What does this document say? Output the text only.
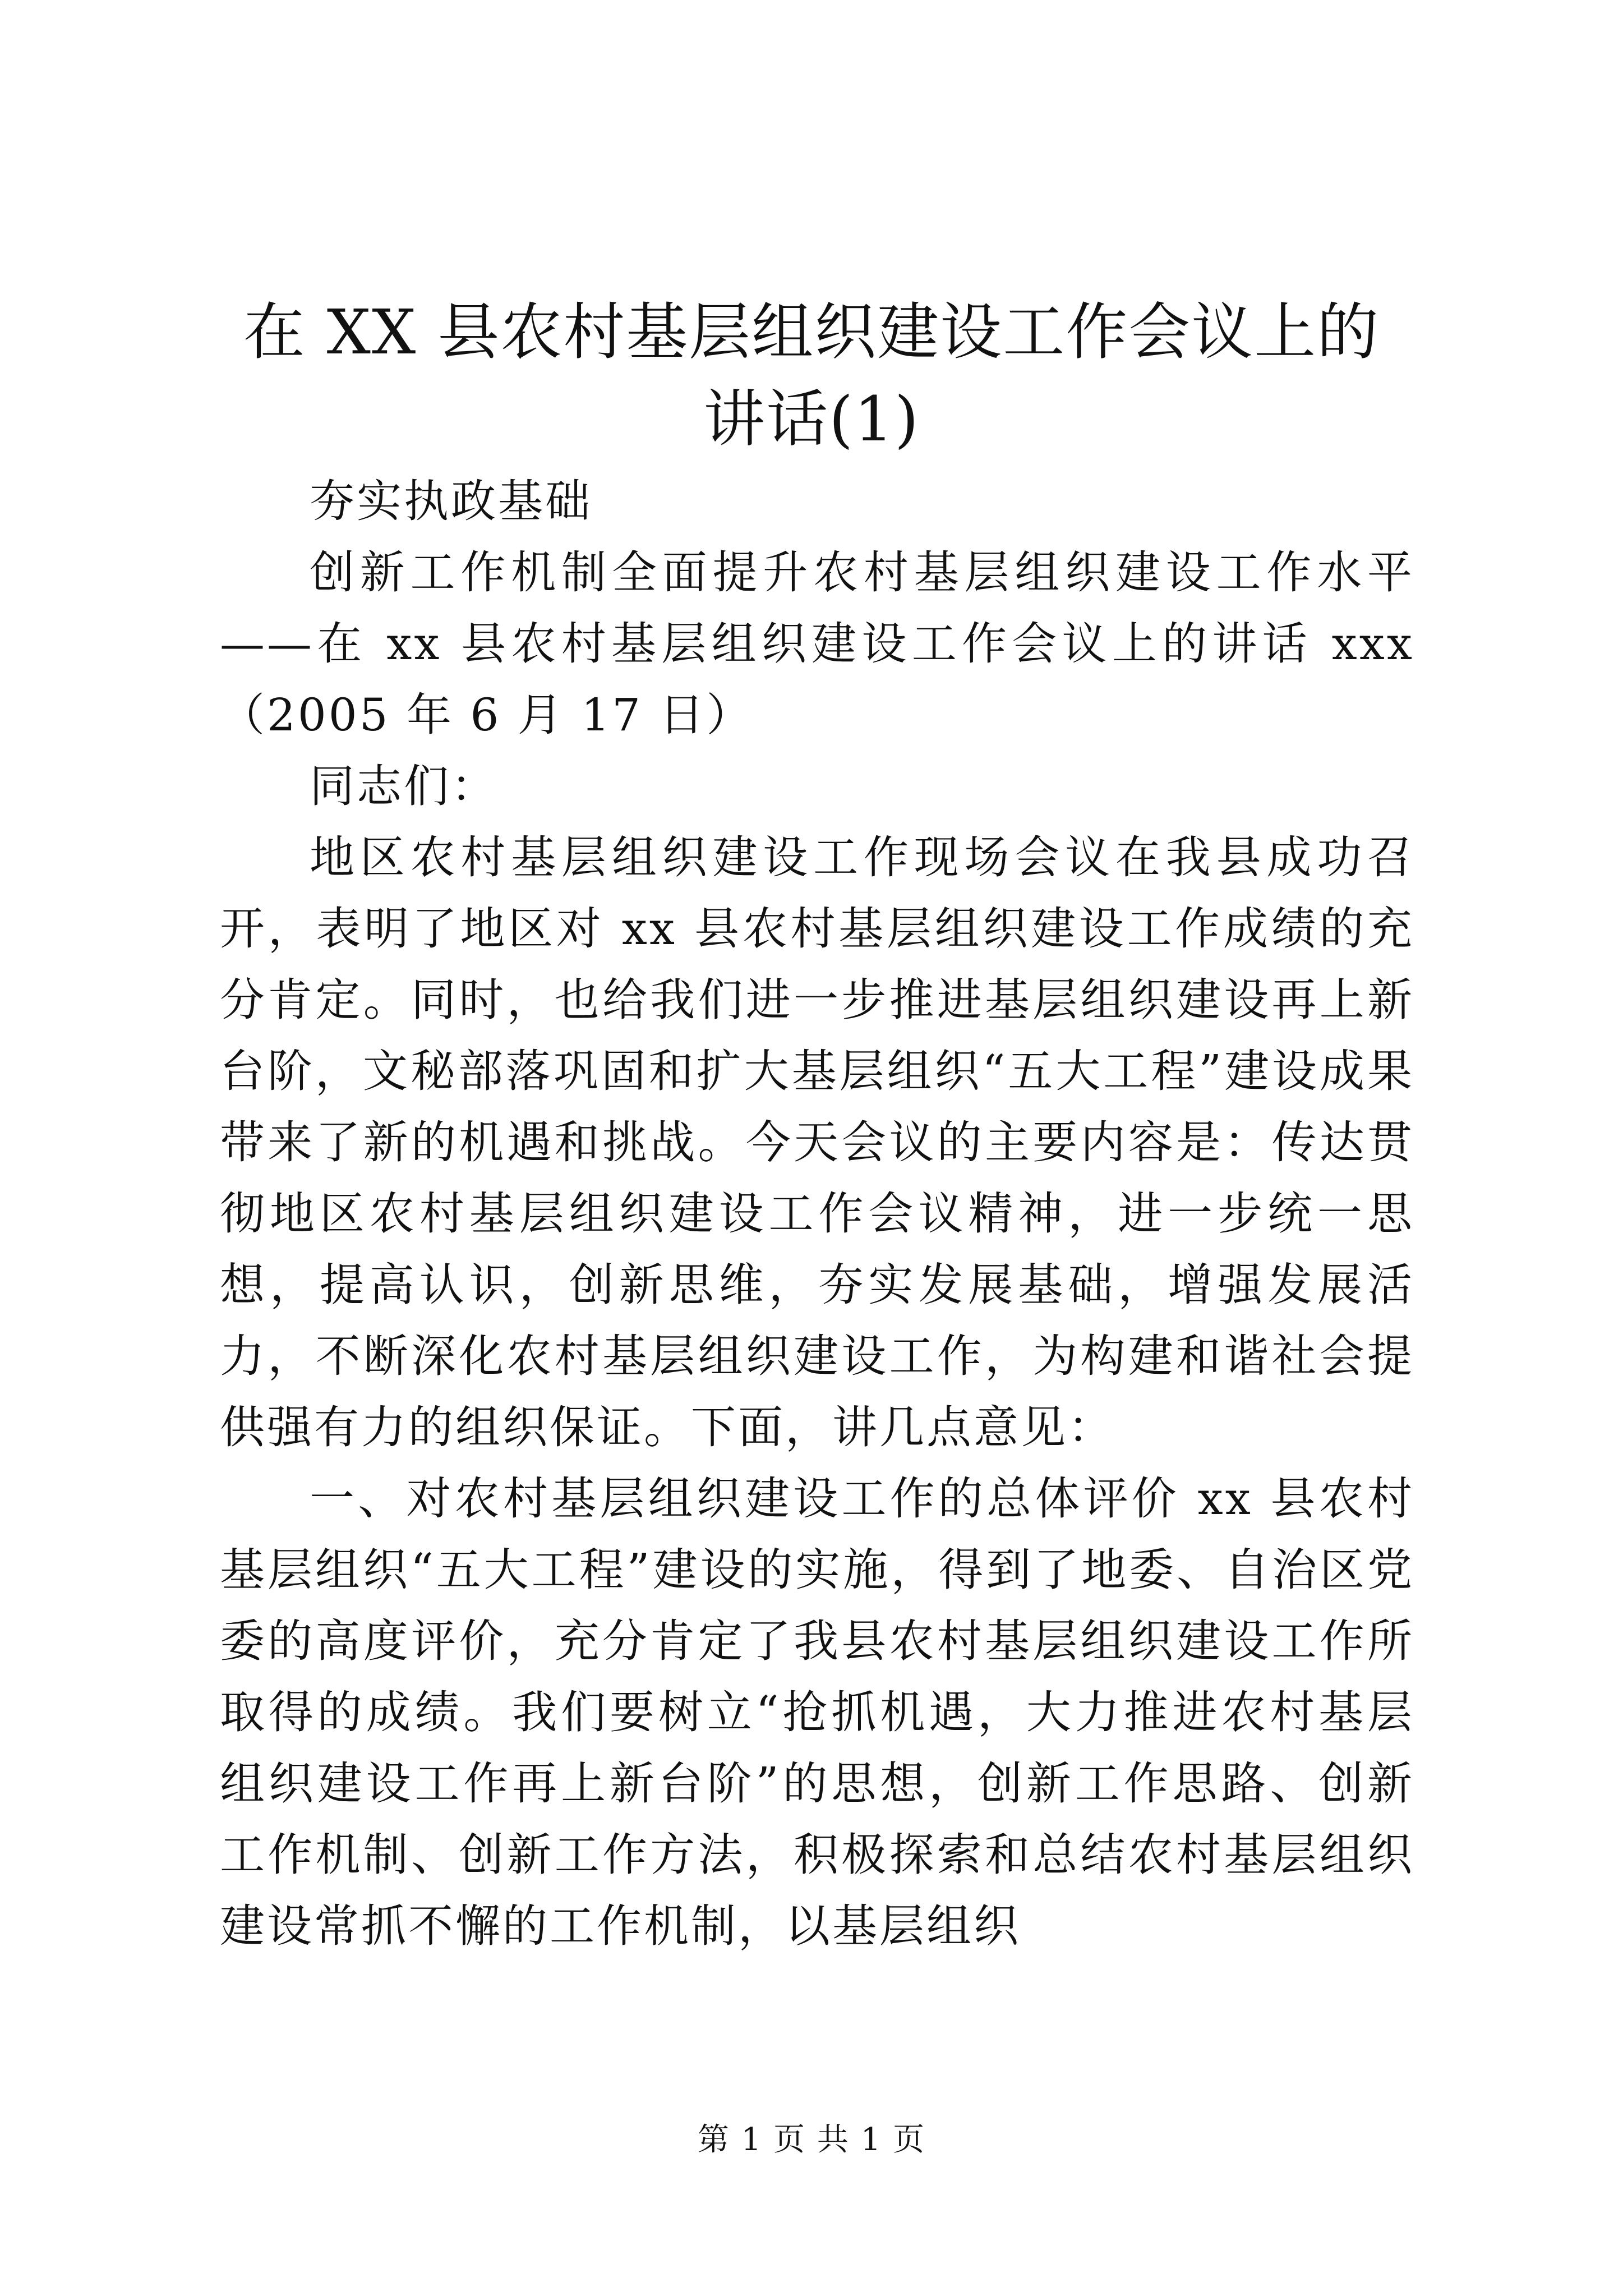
在 XX 县农村基层组织建设工作会议上的讲话(1)

夯实执政基础

创新工作机制全面提升农村基层组织建设工作水平——在 xx 县农村基层组织建设工作会议上的讲话 xxx（2005 年 6 月 17 日）

同志们：

地区农村基层组织建设工作现场会议在我县成功召开，表明了地区对 xx 县农村基层组织建设工作成绩的充分肯定。同时，也给我们进一步推进基层组织建设再上新台阶，文秘部落巩固和扩大基层组织“五大工程”建设成果带来了新的机遇和挑战。今天会议的主要内容是：传达贯彻地区农村基层组织建设工作会议精神，进一步统一思想，提高认识，创新思维，夯实发展基础，增强发展活力，不断深化农村基层组织建设工作，为构建和谐社会提供强有力的组织保证。下面，讲几点意见：

一、对农村基层组织建设工作的总体评价 xx 县农村基层组织“五大工程”建设的实施，得到了地委、自治区党委的高度评价，充分肯定了我县农村基层组织建设工作所取得的成绩。我们要树立“抢抓机遇，大力推进农村基层组织建设工作再上新台阶”的思想，创新工作思路、创新工作机制、创新工作方法，积极探索和总结农村基层组织建设常抓不懈的工作机制，以基层组织

第 1 页 共 1 页
